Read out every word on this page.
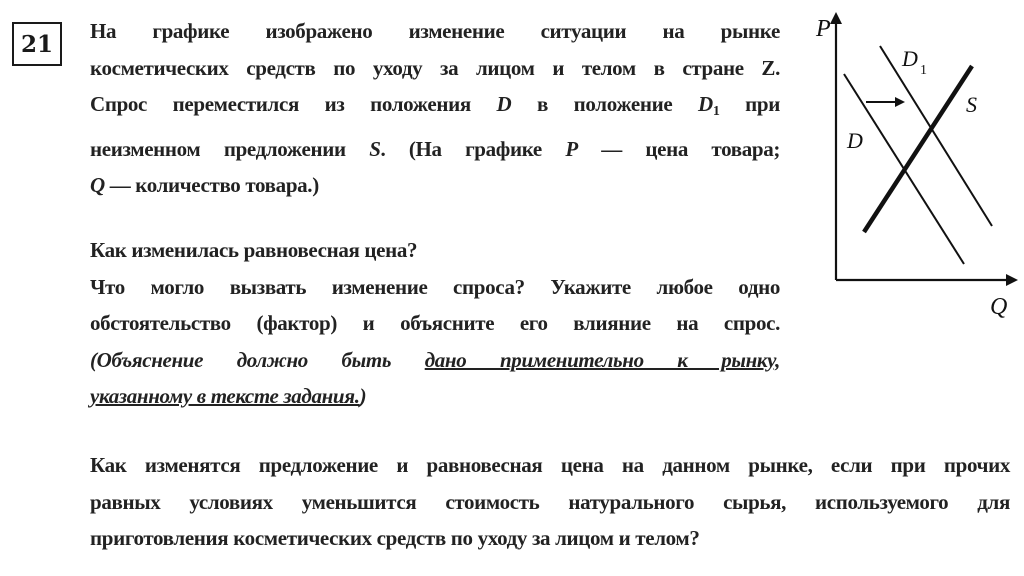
21 На графике изображено изменение ситуации на рынке
косметических средств по уходу за лицом и телом в стране Z.
Спрос переместился из положения D в положение $D_1$ при
неизменном предложении S. (На графике P — цена товара;
Q — количество товара.)

Как изменилась равновесная цена?
Что могло вызвать изменение спроса? Укажите любое одно
обстоятельство (фактор) и объясните его влияние на спрос.
(Объяснение должно быть дано применительно к рынку,
указанному в тексте задания.)

Как изменятся предложение и равновесная цена на данном рынке, если при прочих
равных условиях уменьшится стоимость натурального сырья, используемого для
приготовления косметических средств по уходу за лицом и телом?

P
Q
D
D 1
S
